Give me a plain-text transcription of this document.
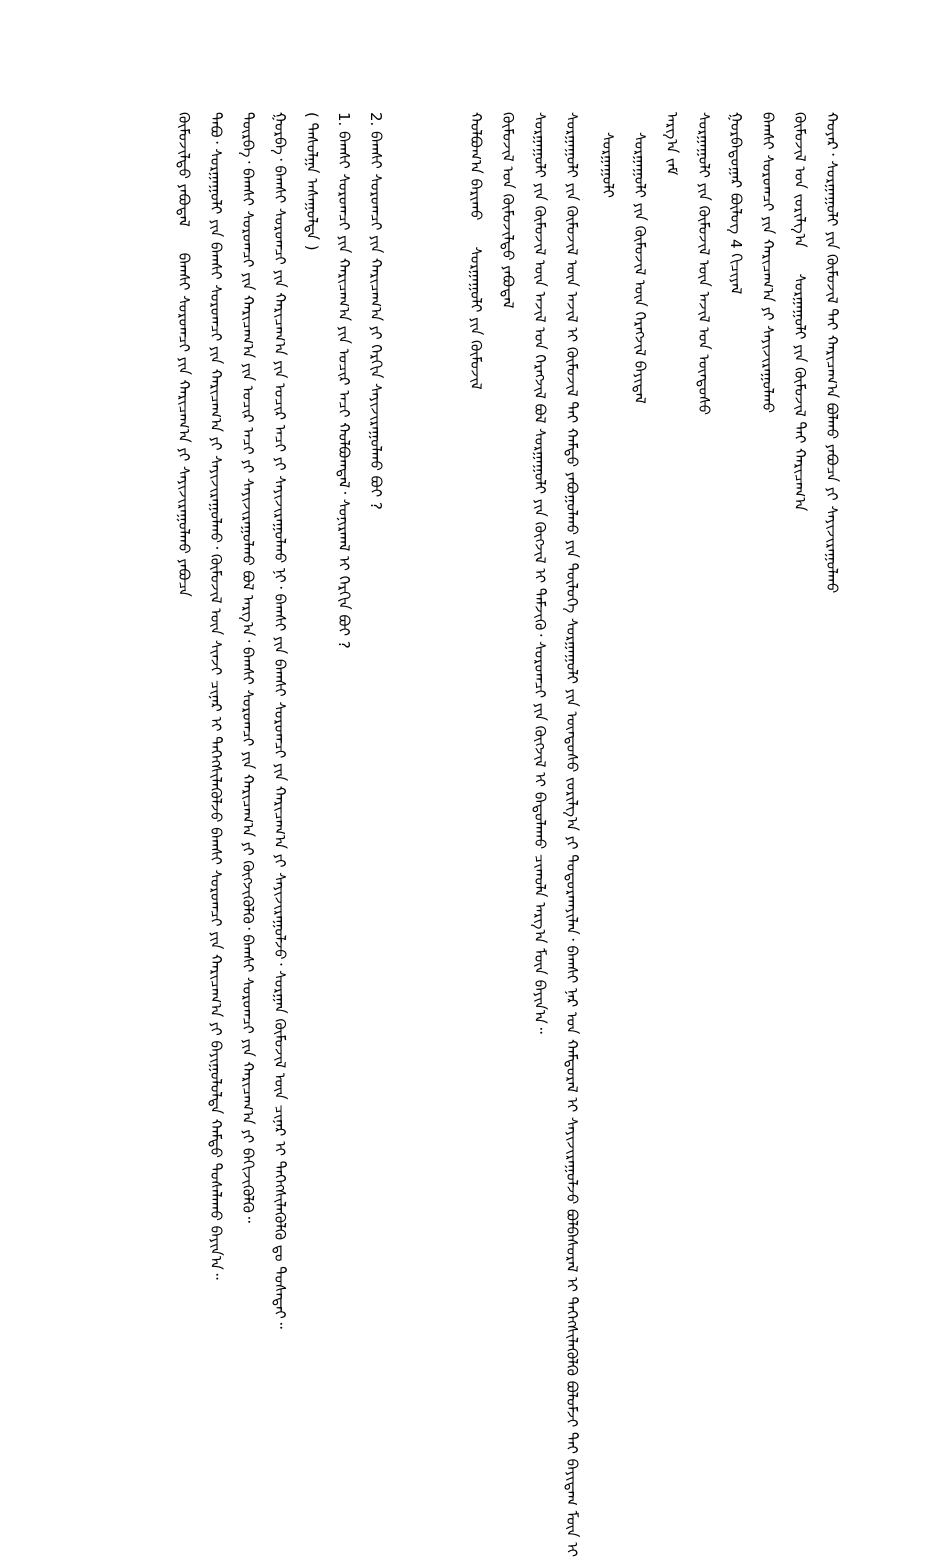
ᠬᠣᠶᠠᠷ᠂ ᠰᠤᠷᠭᠠᠭᠤᠯᠢ ᠶᠢᠨ ᠬᠥᠮᠦᠵᠢᠯ ᠲᠠᠢ ᠬᠠᠷᠢᠴᠠᠭ᠎ᠠ ᠪᠣᠯᠬᠤ ᠶᠠᠪᠤᠴᠠ ᠶᠢ ᠰᠠᠶᠢᠵᠢᠷᠠᠭᠤᠯᠬᠤ
ᠬᠥᠮᠦᠵᠢᠯ ᠤᠨ ᠵᠣᠷᠢᠯᠭ᠎ᠠᠰᠤᠷᠭᠠᠭᠤᠯᠢ ᠶᠢᠨ ᠬᠥᠮᠦᠵᠢᠯ ᠲᠠᠢ ᠬᠠᠷᠢᠴᠠᠭ᠎ᠠ
ᠪᠠᠭᠰᠢ ᠰᠤᠷᠤᠭᠴᠢ ᠶᠢᠨ ᠬᠠᠷᠢᠴᠠᠭ᠎ᠠ ᠶᠢ ᠰᠠᠶᠢᠵᠢᠷᠠᠭᠤᠯᠬᠤ
ᠭᠤᠷᠪᠠᠳᠤᠭᠠᠷ ᠪᠦᠯᠦᠭ 4 ᠬᠢᠴᠢᠶᠡᠯ
ᠰᠤᠷᠭᠠᠭᠤᠯᠢ ᠶᠢᠨ ᠬᠥᠮᠦᠵᠢᠯ ᠦᠨ ᠠᠵᠢᠯ ᠤᠨ ᠦᠨᠳᠦᠰᠦ
ᠠᠷᠭ᠎ᠠ ᠵᠠᠮ
ᠰᠤᠷᠭᠠᠭᠤᠯᠢ ᠶᠢᠨ ᠬᠥᠮᠦᠵᠢᠯ ᠦᠨ ᠬᠡᠷᠡᠭᠵᠢᠯ ᠪᠠᠶᠢᠳᠠᠯ
ᠰᠤᠷᠭᠠᠭᠤᠯᠢ
ᠰᠤᠷᠭᠠᠭᠤᠯᠢ ᠶᠢᠨ ᠬᠥᠮᠦᠵᠢᠯ ᠦᠨ ᠠᠵᠢᠯ ᠢ ᠬᠦᠮᠦᠵᠢᠯ ᠲᠡᠢ ᠬᠠᠮᠲᠤ ᠶᠠᠪᠤᠭᠤᠯᠬᠤ ᠶᠢᠨ ᠲᠥᠯᠦᠭᠡ ᠰᠤᠷᠭᠠᠭᠤᠯᠢ ᠶᠢᠨ ᠦᠨᠳᠦᠰᠦ ᠵᠣᠷᠢᠯᠭ᠎ᠠ ᠶᠢ ᠲᠣᠳᠤᠷᠬᠠᠶᠢᠯᠠᠨ᠂ ᠪᠠᠭᠰᠢ ᠨᠠᠷ ᠤᠨ ᠬᠠᠮᠲᠤᠷᠠᠯ ᠢ ᠰᠠᠶᠢᠵᠢᠷᠠᠭᠤᠯᠵᠤ ᠪᠣᠯᠪᠠᠰᠤᠷᠠᠯ ᠢ ᠳᠡᠭᠡᠭᠰᠢᠯᠡᠭᠦᠯᠬᠦ ᠪᠣᠯᠤᠮᠵᠢ ᠲᠠᠢ ᠪᠠᠶᠢᠳᠠᠭ ᠮᠥᠨ ᠢ
ᠰᠤᠷᠭᠠᠭᠤᠯᠢ ᠶᠢᠨ ᠬᠥᠮᠦᠵᠢᠯ ᠦᠨ ᠠᠵᠢᠯ ᠤᠨ ᠬᠡᠷᠡᠭᠵᠢᠯ ᠪᠣᠯ ᠰᠤᠷᠭᠠᠭᠤᠯᠢ ᠶᠢᠨ ᠬᠥᠭᠵᠢᠯ ᠢ ᠳᠡᠮᠵᠢᠬᠦ᠂ ᠰᠤᠷᠤᠭᠴᠢ ᠶᠢᠨ ᠬᠥᠭᠵᠢᠯ ᠢ ᠪᠠᠲᠤᠯᠠᠬᠤ ᠴᠢᠬᠤᠯᠠ ᠠᠷᠭ᠎ᠠ ᠮᠥᠨ ᠪᠠᠶᠢᠨ᠎ᠠ᠃
ᠬᠦᠮᠦᠵᠢᠯ ᠤᠨ ᠬᠦᠮᠦᠵᠢᠯᠲᠦ ᠶᠠᠪᠤᠳᠠᠯ
ᠬᠣᠯᠪᠣᠭ᠎ᠠ ᠪᠠᠷᠢᠬᠤᠰᠤᠷᠭᠠᠭᠤᠯᠢ ᠶᠢᠨ ᠬᠥᠮᠦᠵᠢᠯ
2. ᠪᠠᠭᠰᠢ ᠰᠤᠷᠤᠭᠴᠢ ᠶᠢᠨ ᠬᠠᠷᠢᠴᠠᠭ᠎ᠠ ᠶᠢ ᠬᠡᠷᠬᠢᠨ ᠰᠠᠶᠢᠵᠢᠷᠠᠭᠤᠯᠬᠤ ᠪᠤᠢ ?
1. ᠪᠠᠭᠰᠢ ᠰᠤᠷᠤᠭᠴᠢ ᠶᠢᠨ ᠬᠠᠷᠢᠴᠠᠭ᠎ᠠ ᠶᠢᠨ ᠤᠴᠢᠷ ᠠᠴᠢ ᠬᠣᠯᠪᠣᠭᠳᠠᠯ᠂ ᠰᠣᠨᠢᠷᠬᠠᠯ ᠢ ᠬᠡᠷᠬᠢᠨ ᠪᠤᠢ ?
( ᠳᠠᠰᠤᠯᠭᠠ ᠠᠰᠠᠭᠤᠯᠲᠠ )
ᠭᠤᠷᠪᠠ᠂ ᠪᠠᠭᠰᠢ ᠰᠤᠷᠤᠭᠴᠢ ᠶᠢᠨ ᠬᠠᠷᠢᠴᠠᠭ᠎ᠠ ᠶᠢᠨ ᠤᠴᠢᠷ ᠠᠴᠢ ᠶᠢ ᠰᠠᠶᠢᠵᠢᠷᠠᠭᠤᠯᠬᠤ ᠨᠢ᠂ ᠪᠠᠭᠰᠢ ᠶᠢᠨ ᠪᠠᠭᠰᠢ ᠰᠤᠷᠤᠭᠴᠢ ᠶᠢᠨ ᠬᠠᠷᠢᠴᠠᠭ᠎ᠠ ᠶᠢ ᠰᠠᠶᠢᠵᠢᠷᠠᠭᠤᠯᠵᠤ᠂ ᠰᠤᠷᠭᠠᠨ ᠬᠥᠮᠦᠵᠢᠯ ᠦᠨ ᠴᠢᠨᠠᠷ ᠢ ᠳᠡᠭᠡᠭᠰᠢᠯᠡᠭᠦᠯᠬᠦ ᠳᠤ ᠲᠤᠰᠠᠲᠠᠢ᠃
ᠳᠥᠷᠪᠡ᠂ ᠪᠠᠭᠰᠢ ᠰᠤᠷᠤᠭᠴᠢ ᠶᠢᠨ ᠬᠠᠷᠢᠴᠠᠭ᠎ᠠ ᠶᠢᠨ ᠤᠴᠢᠷ ᠠᠴᠢ ᠶᠢ ᠰᠠᠶᠢᠵᠢᠷᠠᠭᠤᠯᠬᠤ ᠪᠣᠯ ᠠᠷᠭ᠎ᠠ᠂ ᠪᠠᠭᠰᠢ ᠰᠤᠷᠤᠭᠴᠢ ᠶᠢᠨ ᠬᠠᠷᠢᠴᠠᠭ᠎ᠠ ᠶᠢ ᠬᠥᠭᠵᠢᠭᠦᠯᠬᠦ᠂ ᠪᠠᠭᠰᠢ ᠰᠤᠷᠤᠭᠴᠢ ᠶᠢᠨ ᠬᠠᠷᠢᠴᠠᠭ᠎ᠠ ᠶᠢ ᠪᠡᠬᠢᠵᠢᠭᠦᠯᠬᠦ᠃
ᠲᠠᠪᠤ᠂ ᠰᠤᠷᠭᠠᠭᠤᠯᠢ ᠶᠢᠨ ᠪᠠᠭᠰᠢ ᠰᠤᠷᠤᠭᠴᠢ ᠶᠢᠨ ᠬᠠᠷᠢᠴᠠᠭ᠎ᠠ ᠶᠢ ᠰᠠᠶᠢᠵᠢᠷᠠᠭᠤᠯᠬᠤ᠂ ᠬᠦᠮᠦᠵᠢᠯ ᠦᠨ ᠰᠢᠨᠵᠢ ᠴᠢᠨᠠᠷ ᠢ ᠳᠡᠭᠡᠭᠰᠢᠯᠡᠭᠦᠯᠵᠦ ᠪᠠᠭᠰᠢ ᠰᠤᠷᠤᠭᠴᠢ ᠶᠢᠨ ᠬᠠᠷᠢᠴᠠᠭ᠎ᠠ ᠶᠢ ᠪᠠᠶᠢᠭᠤᠯᠤᠯᠲᠠ ᠬᠠᠮᠲᠤ ᠲᠤᠰᠠᠯᠠᠬᠤ ᠪᠠᠶᠢᠨ᠎ᠠ᠃
ᠬᠦᠮᠦᠵᠢᠯᠲᠦ ᠶᠠᠪᠤᠳᠠᠯᠪᠠᠭᠰᠢ ᠰᠤᠷᠤᠭᠴᠢ ᠶᠢᠨ ᠬᠠᠷᠢᠴᠠᠭ᠎ᠠ ᠶᠢ ᠰᠠᠶᠢᠵᠢᠷᠠᠭᠤᠯᠬᠤ ᠶᠠᠪᠤᠴᠠ
